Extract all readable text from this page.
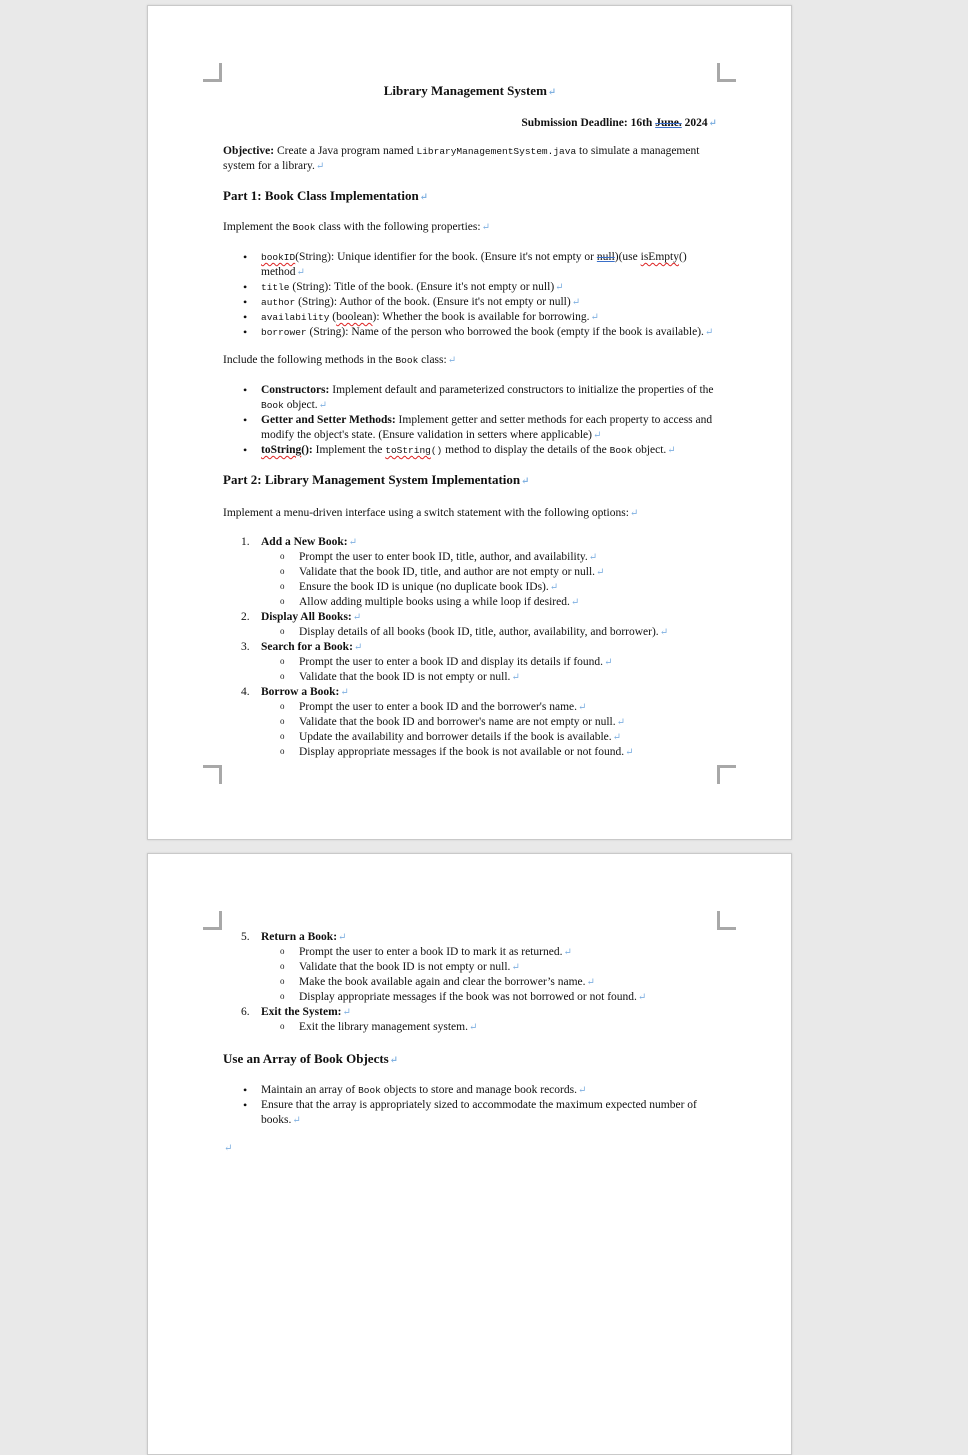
Library Management System↵
Submission Deadline: 16th June. 2024↵

Objective: Create a Java program named LibraryManagementSystem.java to simulate a management system for a library.↵

Part 1: Book Class Implementation↵

Implement the Book class with the following properties:↵

• bookID(String): Unique identifier for the book. (Ensure it's not empty or null)(use isEmpty() method↵
• title (String): Title of the book. (Ensure it's not empty or null)↵
• author (String): Author of the book. (Ensure it's not empty or null)↵
• availability (boolean): Whether the book is available for borrowing.↵
• borrower (String): Name of the person who borrowed the book (empty if the book is available).↵

Include the following methods in the Book class:↵

• Constructors: Implement default and parameterized constructors to initialize the properties of the Book object.↵
• Getter and Setter Methods: Implement getter and setter methods for each property to access and modify the object's state. (Ensure validation in setters where applicable)↵
• toString(): Implement the toString() method to display the details of the Book object.↵
Part 2: Library Management System Implementation↵

Implement a menu-driven interface using a switch statement with the following options:↵

1. Add a New Book:↵
o Prompt the user to enter book ID, title, author, and availability.↵
o Validate that the book ID, title, and author are not empty or null.↵
o Ensure the book ID is unique (no duplicate book IDs).↵
o Allow adding multiple books using a while loop if desired.↵
2. Display All Books:↵
o Display details of all books (book ID, title, author, availability, and borrower).↵
3. Search for a Book:↵
o Prompt the user to enter a book ID and display its details if found.↵
o Validate that the book ID is not empty or null.↵
4. Borrow a Book:↵
o Prompt the user to enter a book ID and the borrower's name.↵
o Validate that the book ID and borrower's name are not empty or null.↵
o Update the availability and borrower details if the book is available.↵
o Display appropriate messages if the book is not available or not found.↵
5. Return a Book:↵
o Prompt the user to enter a book ID to mark it as returned.↵
o Validate that the book ID is not empty or null.↵
o Make the book available again and clear the borrower’s name.↵
o Display appropriate messages if the book was not borrowed or not found.↵
6. Exit the System:↵
o Exit the library management system.↵
Use an Array of Book Objects↵
• Maintain an array of Book objects to store and manage book records.↵
• Ensure that the array is appropriately sized to accommodate the maximum expected number of books.↵

↵
